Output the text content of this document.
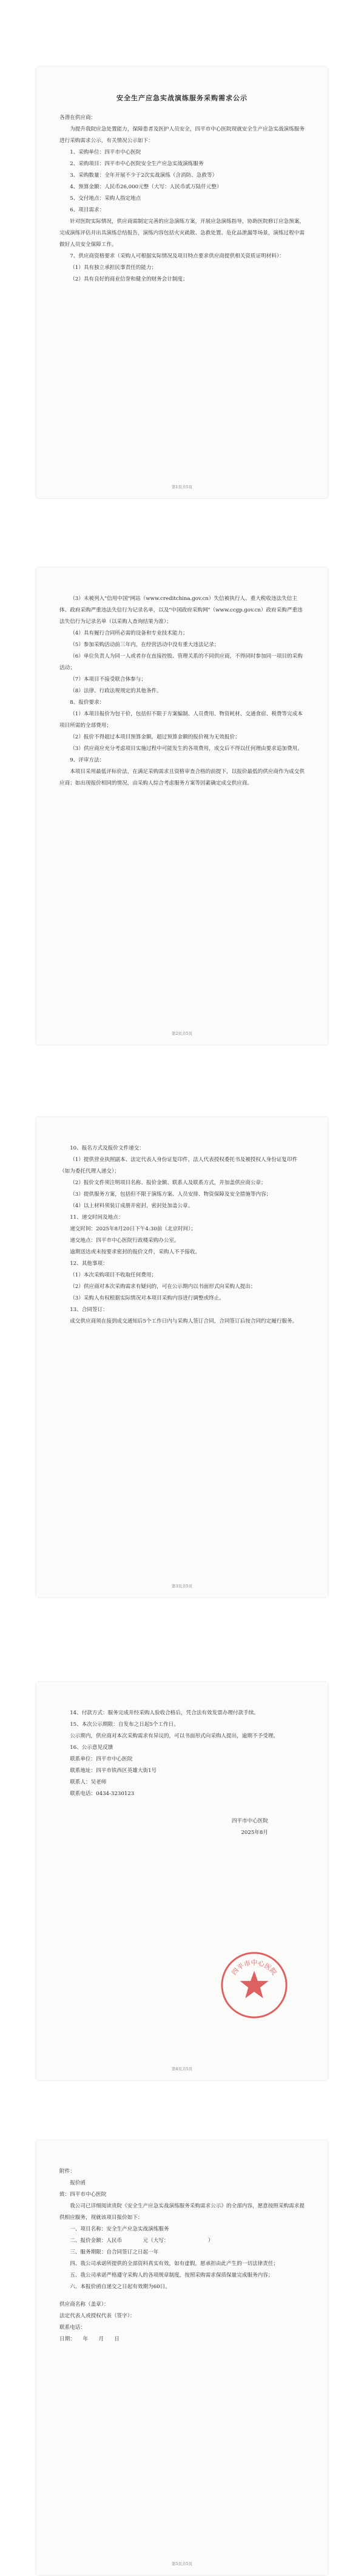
安全生产应急实战演练服务采购需求公示

各潜在供应商：

为提升我院应急处置能力，保障患者及医护人员安全，四平市中心医院现就安全生产应急实战演练服务进行采购需求公示，有关情况公示如下：

1、采购单位：四平市中心医院

2、采购项目：四平市中心医院安全生产应急实战演练服务

3、采购数量：全年开展不少于2次实战演练（含消防、急救等）

4、预算金额：人民币26,000元整（大写：人民币贰万陆仟元整）

5、交付地点：采购人指定地点

6、项目需求：

针对医院实际情况，供应商需制定完善的应急演练方案，开展应急演练指导，协助医院修订应急预案，完成演练评估并出具演练总结报告，演练内容包括火灾疏散、急救处置、危化品泄漏等场景，演练过程中需做好人员安全保障工作。

7、供应商资格要求（采购人可根据实际情况及项目特点要求供应商提供相关资质证明材料）：

（1）具有独立承担民事责任的能力；

（2）具有良好的商业信誉和健全的财务会计制度；

第1页共5页

（3）未被列入"信用中国"网站（www.creditchina.gov.cn）失信被执行人、重大税收违法失信主体、政府采购严重违法失信行为记录名单，以及"中国政府采购网"（www.ccgp.gov.cn）政府采购严重违法失信行为记录名单（以采购人查询结果为准）；

（4）具有履行合同所必需的设备和专业技术能力；

（5）参加采购活动前三年内，在经营活动中没有重大违法记录；

（6）单位负责人为同一人或者存在直接控股、管理关系的不同供应商，不得同时参加同一项目的采购活动；

（7）本项目不接受联合体参与；

（8）法律、行政法规规定的其他条件。

8、报价要求：

（1）本项目报价为包干价，包括但不限于方案编制、人员费用、物资耗材、交通食宿、税费等完成本项目所需的全部费用；

（2）报价不得超过本项目预算金额，超过预算金额的报价视为无效报价；

（3）供应商应充分考虑项目实施过程中可能发生的各项费用，成交后不得以任何理由要求追加费用。

9、评审方法：

本项目采用最低评标价法，在满足采购需求且资格审查合格的前提下，以报价最低的供应商作为成交供应商；如出现报价相同的情况，由采购人综合考虑服务方案等因素确定成交供应商。

第2页共5页

10、报名方式及报价文件递交：

（1）提供营业执照副本、法定代表人身份证复印件，法人代表授权委托书及被授权人身份证复印件（如为委托代理人递交）；

（2）报价文件须注明项目名称、报价金额、联系人及联系方式，并加盖供应商公章；

（3）提供服务方案，包括但不限于演练方案、人员安排、物资保障及安全措施等内容；

（4）以上材料须装订成册并密封，密封处加盖公章。

11、递交时间及地点：

递交时间：2025年8月20日下午4:30前（北京时间）；

递交地点：四平市中心医院行政楼采购办公室。

逾期送达或未按要求密封的报价文件，采购人不予接收。

12、其他事项：

（1）本次采购项目不收取任何费用；

（2）供应商对本次采购需求有疑问的，可在公示期内以书面形式向采购人提出；

（3）采购人有权根据实际情况对本项目采购内容进行调整或终止。

13、合同签订：

成交供应商须在接到成交通知后5个工作日内与采购人签订合同，合同签订后按合同约定履行服务。

第3页共5页

14、付款方式：服务完成并经采购人验收合格后，凭合法有效发票办理付款手续。

15、本次公示期限：自发布之日起5个工作日。

公示期内，供应商对本次采购需求有异议的，可以书面形式向采购人提出，逾期不予受理。

16、公示意见反馈

联系单位：四平市中心医院

联系地址：四平市铁西区英雄大街1号

联系人：吴老师

联系电话：0434-3230123

四平市中心医院

2025年8月

四平市中心医院
第4页共5页

附件：

报价函

致：四平市中心医院

我公司已详细阅读贵院《安全生产应急实战演练服务采购需求公示》的全部内容，愿意按照采购需求提供相应服务，现就该项目报价如下：

一、项目名称：安全生产应急实战演练服务

二、报价金额：人民币　　　　元（大写：　　　　　　　　）

三、服务期限：自合同签订之日起一年

四、我公司承诺所提供的全部资料真实有效，如有虚假，愿承担由此产生的一切法律责任；

五、我公司承诺严格遵守采购人的各项规章制度，按照采购需求保质保量完成服务内容；

六、本报价函自递交之日起有效期为60日。

供应商名称（盖章）：

法定代表人或授权代表（签字）：

联系电话：

日期：　　年　　月　　日

第5页共5页
